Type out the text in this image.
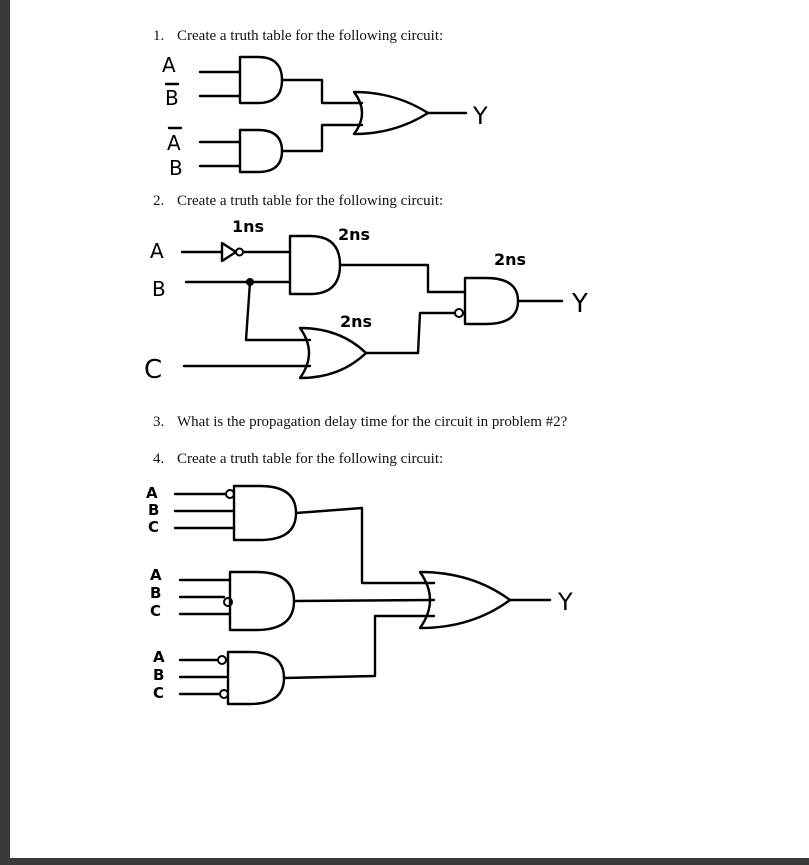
1. Create a truth table for the following circuit:
2. Create a truth table for the following circuit:
3. What is the propagation delay time for the circuit in problem #2?
4. Create a truth table for the following circuit:
A
B
A
B
Y
A
B
C
1ns	2ns
2ns
2ns
Y
A
B
C
A
B
C
A
B
C
Y
